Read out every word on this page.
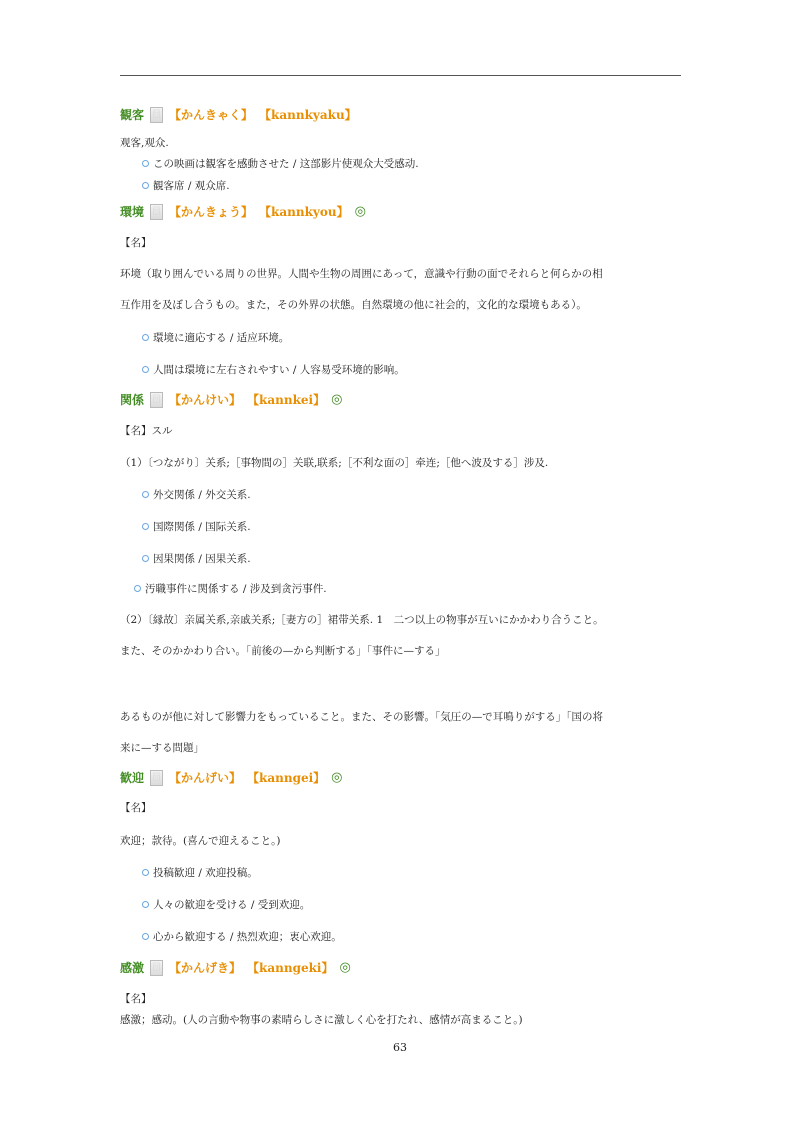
観客 日 【かんきゃく】 【kannkyaku】
观客,观众.
この映画は観客を感動させた / 这部影片使观众大受感动.
観客席 / 观众席.
環境 日 【かんきょう】 【kannkyou】 ◎
【名】
环境（取り囲んでいる周りの世界。人間や生物の周囲にあって，意識や行動の面でそれらと何らかの相
互作用を及ぼし合うもの。また，その外界の状態。自然環境の他に社会的，文化的な環境もある）。
環境に適応する / 适应环境。
人間は環境に左右されやすい / 人容易受环境的影响。
関係 日 【かんけい】 【kannkei】 ◎
【名】スル
（1）〔つながり〕关系;［事物間の］关联,联系;［不利な面の］牵连;［他へ波及する］涉及.
外交関係 / 外交关系.
国際関係 / 国际关系.
因果関係 / 因果关系.
汚職事件に関係する / 涉及到贪污事件.
（2）〔縁故〕亲属关系,亲戚关系;［妻方の］裙带关系. 1　二つ以上の物事が互いにかかわり合うこと。
また、そのかかわり合い。「前後の—から判断する」「事件に—する」
あるものが他に対して影響力をもっていること。また、その影響。「気圧の—で耳鳴りがする」「国の将
来に—する問題」
歓迎 日 【かんげい】 【kanngei】 ◎
【名】
欢迎；款待。(喜んで迎えること。)
投稿歓迎 / 欢迎投稿。
人々の歓迎を受ける / 受到欢迎。
心から歓迎する / 热烈欢迎；衷心欢迎。
感激 日 【かんげき】 【kanngeki】 ◎
【名】
感激；感动。(人の言動や物事の素晴らしさに激しく心を打たれ、感情が高まること。)
63
